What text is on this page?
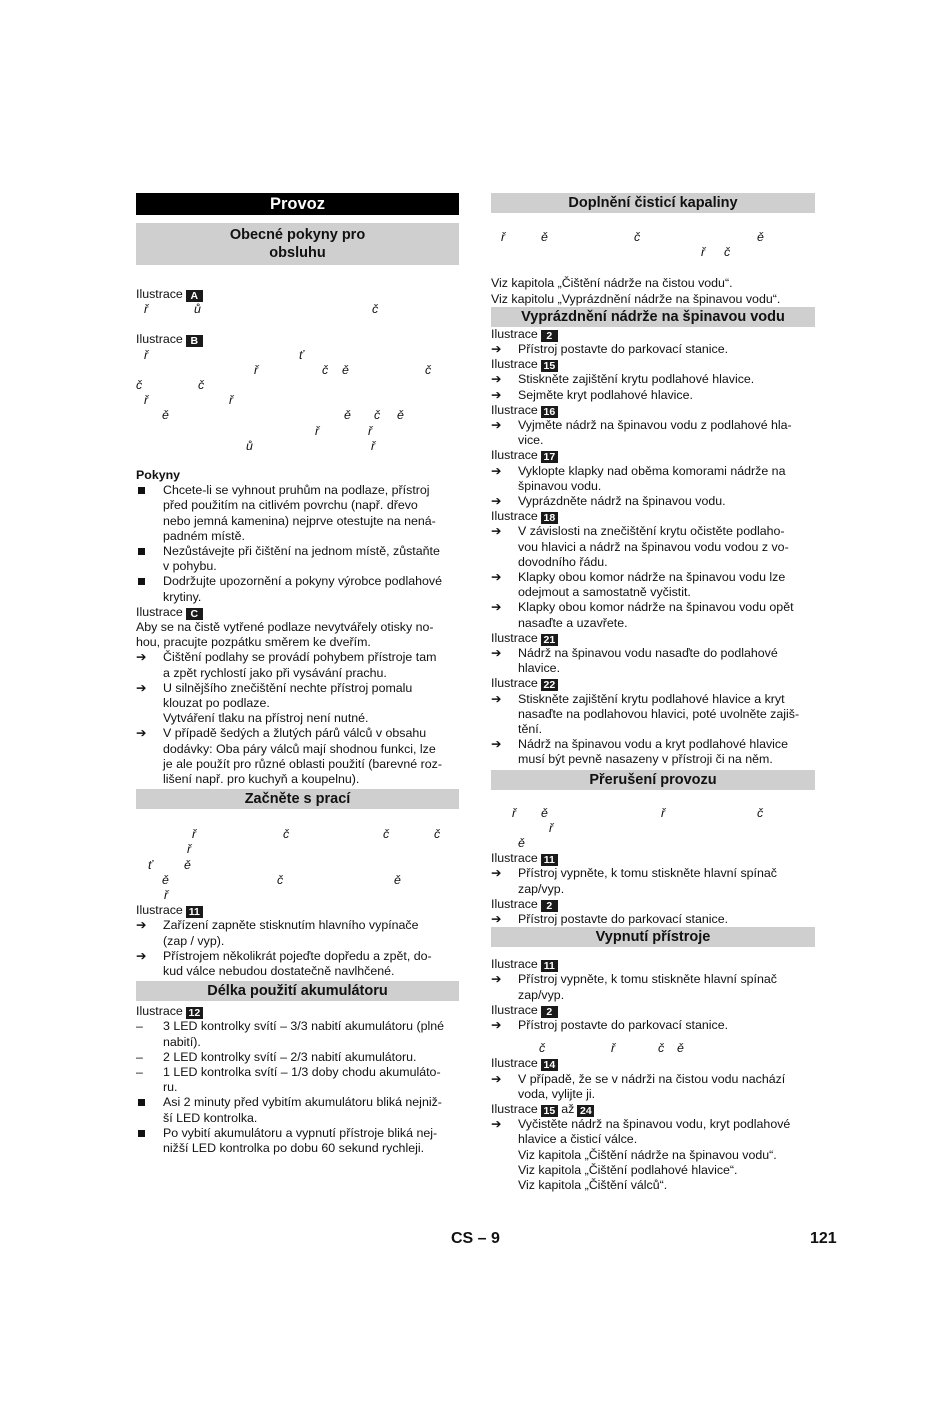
Provoz
Obecné pokyny pro
obsluhu
Ilustrace A
ř	ů	č
Ilustrace B
ř	ť
ř	č ě	č
č	č
ř	ř
ě	ě č ě
ř	ř
ů	ř
Pokyny
Chcete-li se vyhnout pruhům na podlaze, přístroj
před použitím na citlivém povrchu (např. dřevo
nebo jemná kamenina) nejprve otestujte na nená-
padném místě.
Nezůstávejte při čištění na jednom místě, zůstaňte
v pohybu.
Dodržujte upozornění a pokyny výrobce podlahové
krytiny.
Ilustrace C
Aby se na čistě vytřené podlaze nevytvářely otisky no-
hou, pracujte pozpátku směrem ke dveřím.
➔ Čištění podlahy se provádí pohybem přístroje tam
a zpět rychlostí jako při vysávání prachu.
➔ U silnějšího znečištění nechte přístroj pomalu
klouzat po podlaze.
Vytváření tlaku na přístroj není nutné.
➔ V případě šedých a žlutých párů válců v obsahu
dodávky: Oba páry válců mají shodnou funkci, lze
je ale použít pro různé oblasti použití (barevné roz-
lišení např. pro kuchyň a koupelnu).
Začněte s prací
ř	č	č	č
ř
ť	ě
ě	č	ě
ř
Ilustrace 11
➔ Zařízení zapněte stisknutím hlavního vypínače
(zap / vyp).
➔ Přístrojem několikrát pojeďte dopředu a zpět, do-
kud válce nebudou dostatečně navlhčené.
Délka použití akumulátoru
Ilustrace 12
– 3 LED kontrolky svítí – 3/3 nabití akumulátoru (plné
nabití).
– 2 LED kontrolky svítí – 2/3 nabití akumulátoru.
– 1 LED kontrolka svítí – 1/3 doby chodu akumuláto-
ru.
Asi 2 minuty před vybitím akumulátoru bliká nejniž-
ší LED kontrolka.
Po vybití akumulátoru a vypnutí přístroje bliká nej-
nižší LED kontrolka po dobu 60 sekund rychleji.
Doplnění čisticí kapaliny
ř	ě	č	ě
ř č
Viz kapitola „Čištění nádrže na čistou vodu“.
Viz kapitolu „Vyprázdnění nádrže na špinavou vodu“.
Vyprázdnění nádrže na špinavou vodu
Ilustrace 2
➔ Přístroj postavte do parkovací stanice.
Ilustrace 15
➔ Stiskněte zajištění krytu podlahové hlavice.
➔ Sejměte kryt podlahové hlavice.
Ilustrace 16
➔ Vyjměte nádrž na špinavou vodu z podlahové hla-
vice.
Ilustrace 17
➔ Vyklopte klapky nad oběma komorami nádrže na
špinavou vodu.
➔ Vyprázdněte nádrž na špinavou vodu.
Ilustrace 18
➔ V závislosti na znečištění krytu očistěte podlaho-
vou hlavici a nádrž na špinavou vodu vodou z vo-
dovodního řádu.
➔ Klapky obou komor nádrže na špinavou vodu lze
odejmout a samostatně vyčistit.
➔ Klapky obou komor nádrže na špinavou vodu opět
nasaďte a uzavřete.
Ilustrace 21
➔ Nádrž na špinavou vodu nasaďte do podlahové
hlavice.
Ilustrace 22
➔ Stiskněte zajištění krytu podlahové hlavice a kryt
nasaďte na podlahovou hlavici, poté uvolněte zajiš-
tění.
➔ Nádrž na špinavou vodu a kryt podlahové hlavice
musí být pevně nasazeny v přístroji či na něm.
Přerušení provozu
ř ě	ř	č
ř
ě
Ilustrace 11
➔ Přístroj vypněte, k tomu stiskněte hlavní spínač
zap/vyp.
Ilustrace 2
➔ Přístroj postavte do parkovací stanice.
Vypnutí přístroje
Ilustrace 11
➔ Přístroj vypněte, k tomu stiskněte hlavní spínač
zap/vyp.
Ilustrace 2
➔ Přístroj postavte do parkovací stanice.
č	ř	č ě
Ilustrace 14
➔ V případě, že se v nádrži na čistou vodu nachází
voda, vylijte ji.
Ilustrace 15 až 24
➔ Vyčistěte nádrž na špinavou vodu, kryt podlahové
hlavice a čisticí válce.
Viz kapitola „Čištění nádrže na špinavou vodu“.
Viz kapitola „Čištění podlahové hlavice“.
Viz kapitola „Čištění válců“.
CS – 9	121
